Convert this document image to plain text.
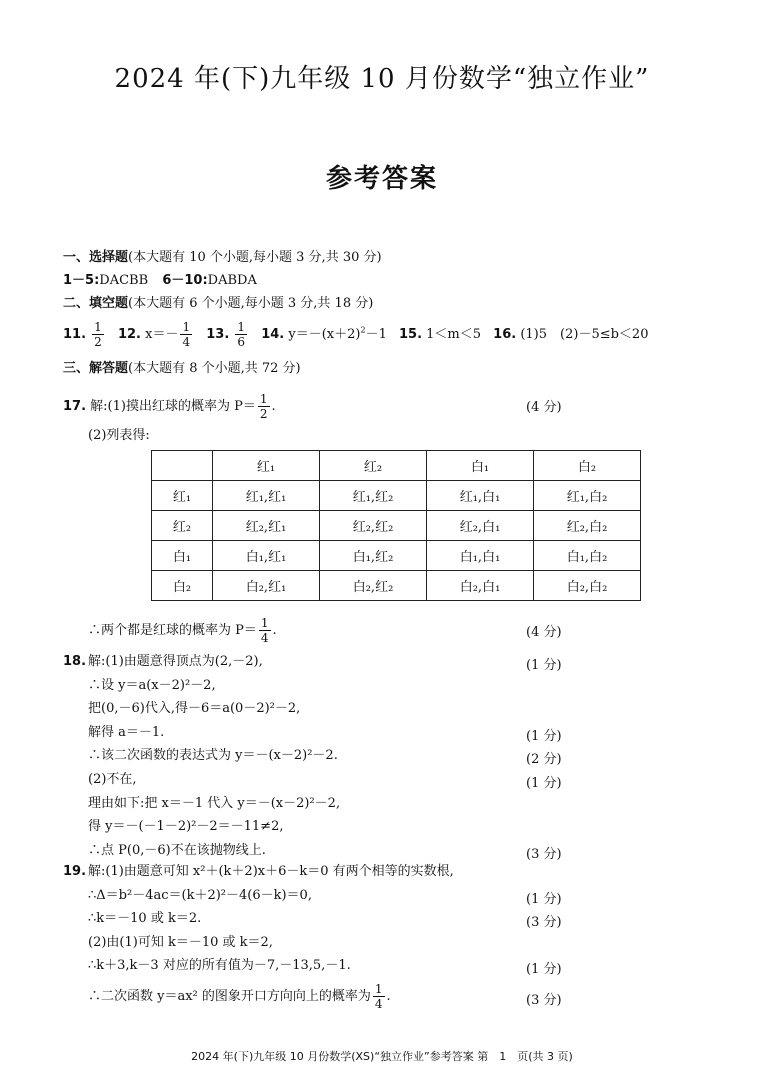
2024 年(下)九年级 10 月份数学“独立作业”
参考答案
一、选择题(本大题有 10 个小题,每小题 3 分,共 30 分)
1－5:DACBB 6－10:DABDA
二、填空题(本大题有 6 个小题,每小题 3 分,共 18 分)
11. $\frac{1}{2} 12$. $x=- \frac{1}{4} 13$. $\frac{1}{6} 14$. $y=-(x+2)^2-1$ 15. 1＜m＜5 16. (1)5　(2)－5≤b＜20
三、解答题(本大题有 8 个小题,共 72 分)
17. 解:(1)摸出红球的概率为 $P= \frac{1}{2}$ .	(4 分)
(2)列表得:
	红₁	红₂	白₁	白₂
红₁	红₁,红₁	红₁,红₂	红₁,白₁	红₁,白₂
红₂	红₂,红₁	红₂,红₂	红₂,白₁	红₂,白₂
白₁	白₁,红₁	白₁,红₂	白₁,白₁	白₁,白₂
白₂	白₂,红₁	白₂,红₂	白₂,白₁	白₂,白₂
∴两个都是红球的概率为 $P= \frac{1}{4}$ .	(4 分)
18. 解:(1)由题意得顶点为(2,－2),	(1 分)
∴设 y＝a(x－2)²－2,
把(0,－6)代入,得－6＝a(0－2)²－2,
解得 a＝－1.	(1 分)
∴该二次函数的表达式为 y＝－(x－2)²－2.	(2 分)
(2)不在,	(1 分)
理由如下:把 x＝－1 代入 y＝－(x－2)²－2,
得 y＝－(－1－2)²－2＝－11≠2,
∴点 P(0,－6)不在该抛物线上.	(3 分)
19. 解:(1)由题意可知 x²＋(k＋2)x＋6－k＝0 有两个相等的实数根,
∴Δ＝b²－4ac＝(k＋2)²－4(6－k)＝0,	(1 分)
∴k＝－10 或 k＝2.	(3 分)
(2)由(1)可知 k＝－10 或 k＝2,
∴k＋3,k－3 对应的所有值为－7,－13,5,－1.	(1 分)
∴二次函数 y＝ax² 的图象开口方向向上的概率为 $\frac{1}{4}$ .	(3 分)
2024 年(下)九年级 10 月份数学(XS)“独立作业”参考答案 第　1　页(共 3 页)
